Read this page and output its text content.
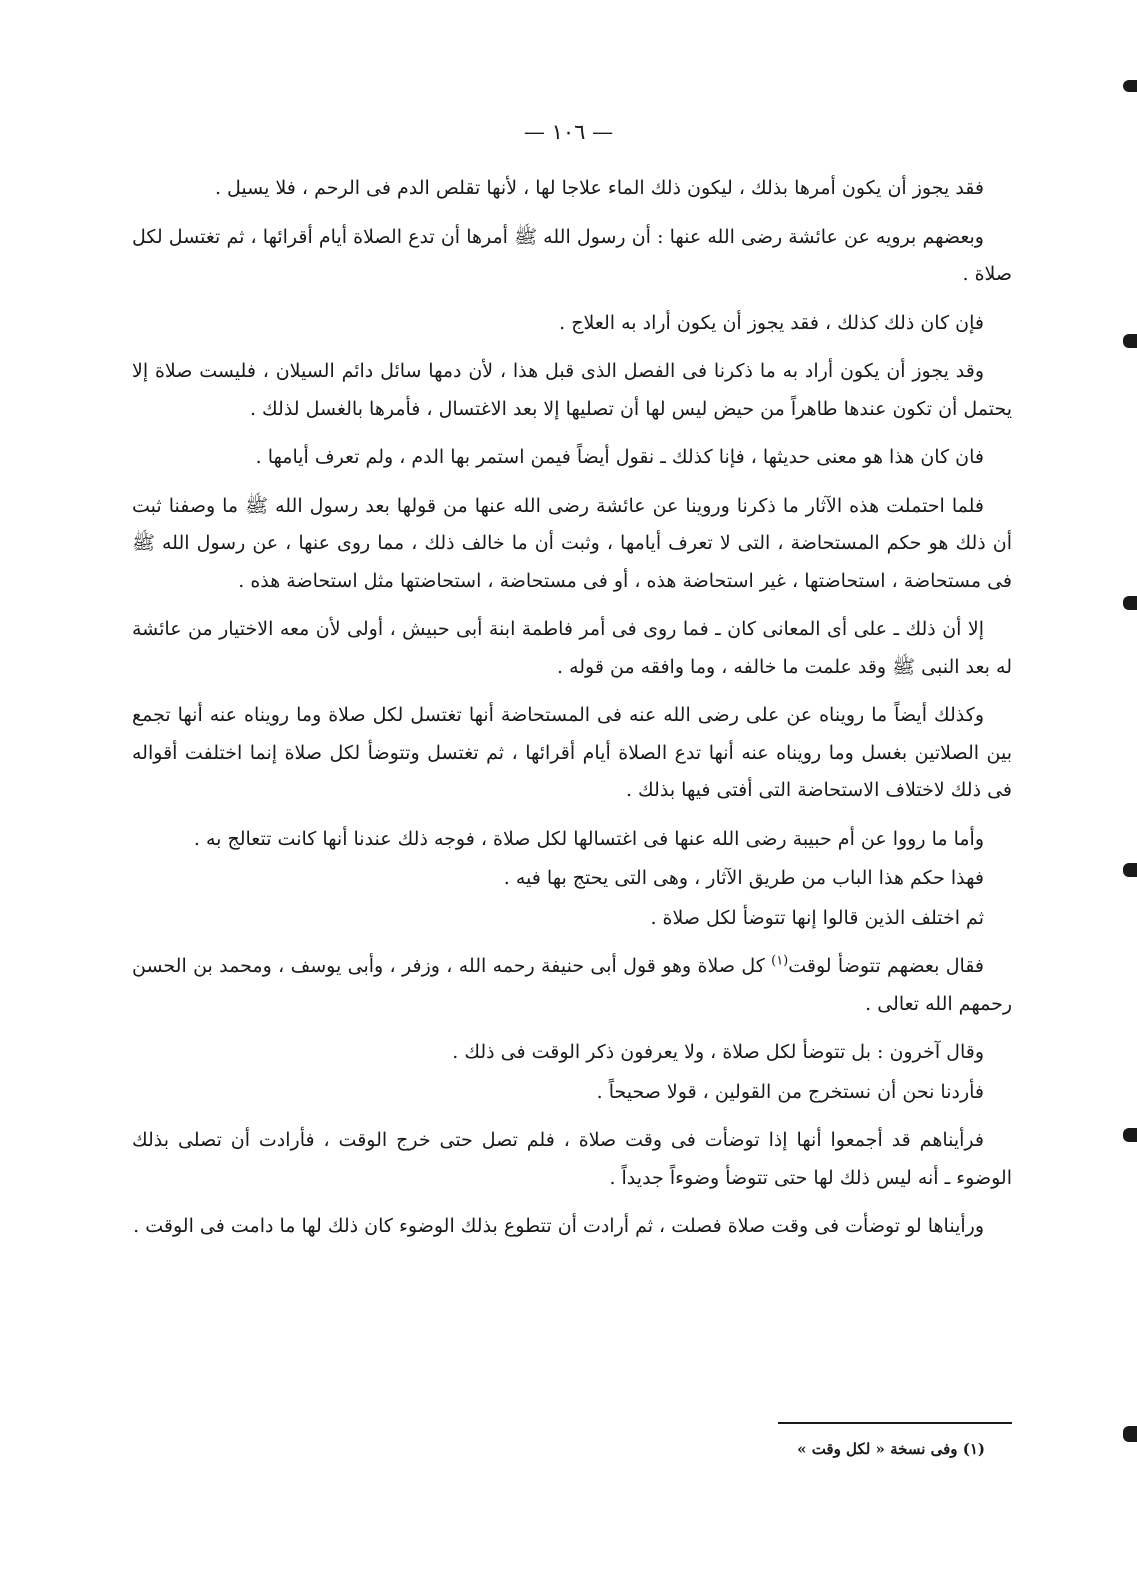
— ١٠٦ —

فقد يجوز أن يكون أمرها بذلك ، ليكون ذلك الماء علاجا لها ، لأنها تقلص الدم فى الرحم ، فلا يسيل .

وبعضهم برويه عن عائشة رضى الله عنها : أن رسول الله ﷺ أمرها أن تدع الصلاة أيام أقرائها ، ثم تغتسل لكل صلاة .

فإن كان ذلك كذلك ، فقد يجوز أن يكون أراد به العلاج .

وقد يجوز أن يكون أراد به ما ذكرنا فى الفصل الذى قبل هذا ، لأن دمها سائل دائم السيلان ، فليست صلاة إلا يحتمل أن تكون عندها طاهراً من حيض ليس لها أن تصليها إلا بعد الاغتسال ، فأمرها بالغسل لذلك .

فان كان هذا هو معنى حديثها ، فإنا كذلك ـ نقول أيضاً فيمن استمر بها الدم ، ولم تعرف أيامها .

فلما احتملت هذه الآثار ما ذكرنا وروينا عن عائشة رضى الله عنها من قولها بعد رسول الله ﷺ ما وصفنا ثبت أن ذلك هو حكم المستحاضة ، التى لا تعرف أيامها ، وثبت أن ما خالف ذلك ، مما روى عنها ، عن رسول الله ﷺ فى مستحاضة ، استحاضتها ، غير استحاضة هذه ، أو فى مستحاضة ، استحاضتها مثل استحاضة هذه .

إلا أن ذلك ـ على أى المعانى كان ـ فما روى فى أمر فاطمة ابنة أبى حبيش ، أولى لأن معه الاختيار من عائشة له بعد النبى ﷺ وقد علمت ما خالفه ، وما وافقه من قوله .

وكذلك أيضاً ما رويناه عن على رضى الله عنه فى المستحاضة أنها تغتسل لكل صلاة وما رويناه عنه أنها تجمع بين الصلاتين بغسل وما رويناه عنه أنها تدع الصلاة أيام أقرائها ، ثم تغتسل وتتوضأ لكل صلاة إنما اختلفت أقواله فى ذلك لاختلاف الاستحاضة التى أفتى فيها بذلك .

وأما ما رووا عن أم حبيبة رضى الله عنها فى اغتسالها لكل صلاة ، فوجه ذلك عندنا أنها كانت تتعالج به .

فهذا حكم هذا الباب من طريق الآثار ، وهى التى يحتج بها فيه .

ثم اختلف الذين قالوا إنها تتوضأ لكل صلاة .

فقال بعضهم تتوضأ لوقت$^{(١)}$ كل صلاة وهو قول أبى حنيفة رحمه الله ، وزفر ، وأبى يوسف ، ومحمد بن الحسن رحمهم الله تعالى .

وقال آخرون : بل تتوضأ لكل صلاة ، ولا يعرفون ذكر الوقت فى ذلك .

فأردنا نحن أن نستخرج من القولين ، قولا صحيحاً .

فرأيناهم قد أجمعوا أنها إذا توضأت فى وقت صلاة ، فلم تصل حتى خرج الوقت ، فأرادت أن تصلى بذلك الوضوء ـ أنه ليس ذلك لها حتى تتوضأ وضوءاً جديداً .

ورأيناها لو توضأت فى وقت صلاة فصلت ، ثم أرادت أن تتطوع بذلك الوضوء كان ذلك لها ما دامت فى الوقت .

(١) وفى نسخة « لكل وقت »
